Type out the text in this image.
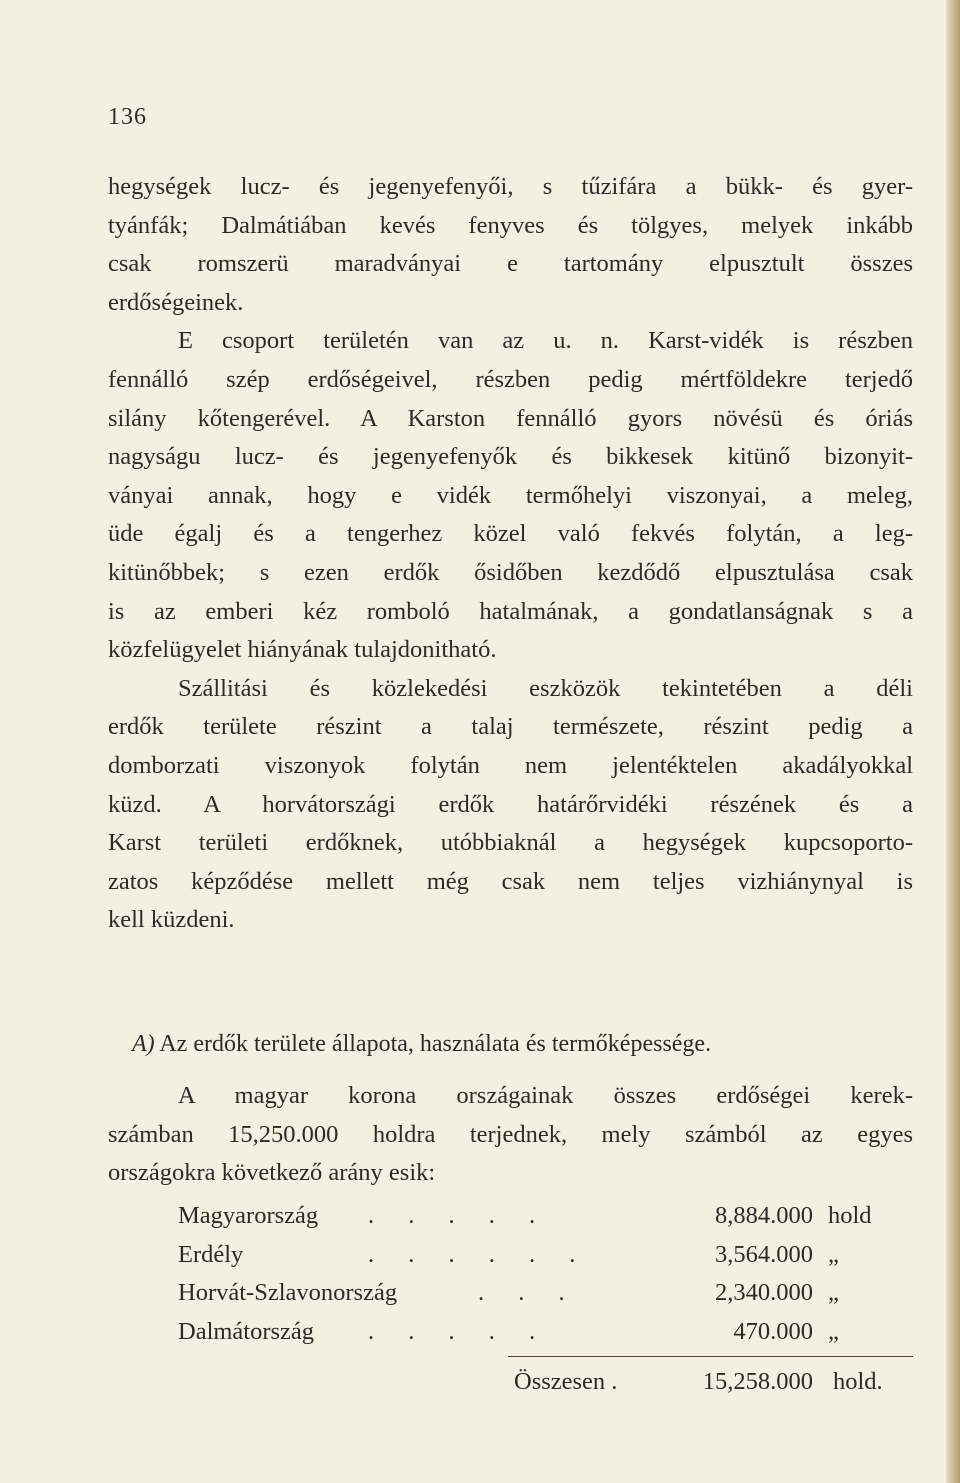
136
hegységek lucz- és jegenyefenyői, s tűzifára a bükk- és gyer-
tyánfák; Dalmátiában kevés fenyves és tölgyes, melyek inkább
csak romszerü maradványai e tartomány elpusztult összes
erdőségeinek.
E csoport területén van az u. n. Karst-vidék is részben
fennálló szép erdőségeivel, részben pedig mértföldekre terjedő
silány kőtengerével. A Karston fennálló gyors növésü és óriás
nagyságu lucz- és jegenyefenyők és bikkesek kitünő bizonyit-
ványai annak, hogy e vidék termőhelyi viszonyai, a meleg,
üde égalj és a tengerhez közel való fekvés folytán, a leg-
kitünőbbek; s ezen erdők ősidőben kezdődő elpusztulása csak
is az emberi kéz romboló hatalmának, a gondatlanságnak s a
közfelügyelet hiányának tulajdonitható.
Szállitási és közlekedési eszközök tekintetében a déli
erdők területe részint a talaj természete, részint pedig a
domborzati viszonyok folytán nem jelentéktelen akadályokkal
küzd. A horvátországi erdők határőrvidéki részének és a
Karst területi erdőknek, utóbbiaknál a hegységek kupcsoporto-
zatos képződése mellett még csak nem teljes vizhiánynyal is
kell küzdeni.
A) Az erdők területe állapota, használata és termőképessége.
A magyar korona országainak összes erdőségei kerek-
számban 15,250.000 holdra terjednek, mely számból az egyes
országokra következő arány esik:
Magyarország . . . . .	8,884.000 hold
Erdély	. . . . . .	3,564.000 „
Horvát-Szlavonország	. . .	2,340.000 „
Dalmátország . . . . .	470.000 „
Összesen .	15,258.000 hold.
